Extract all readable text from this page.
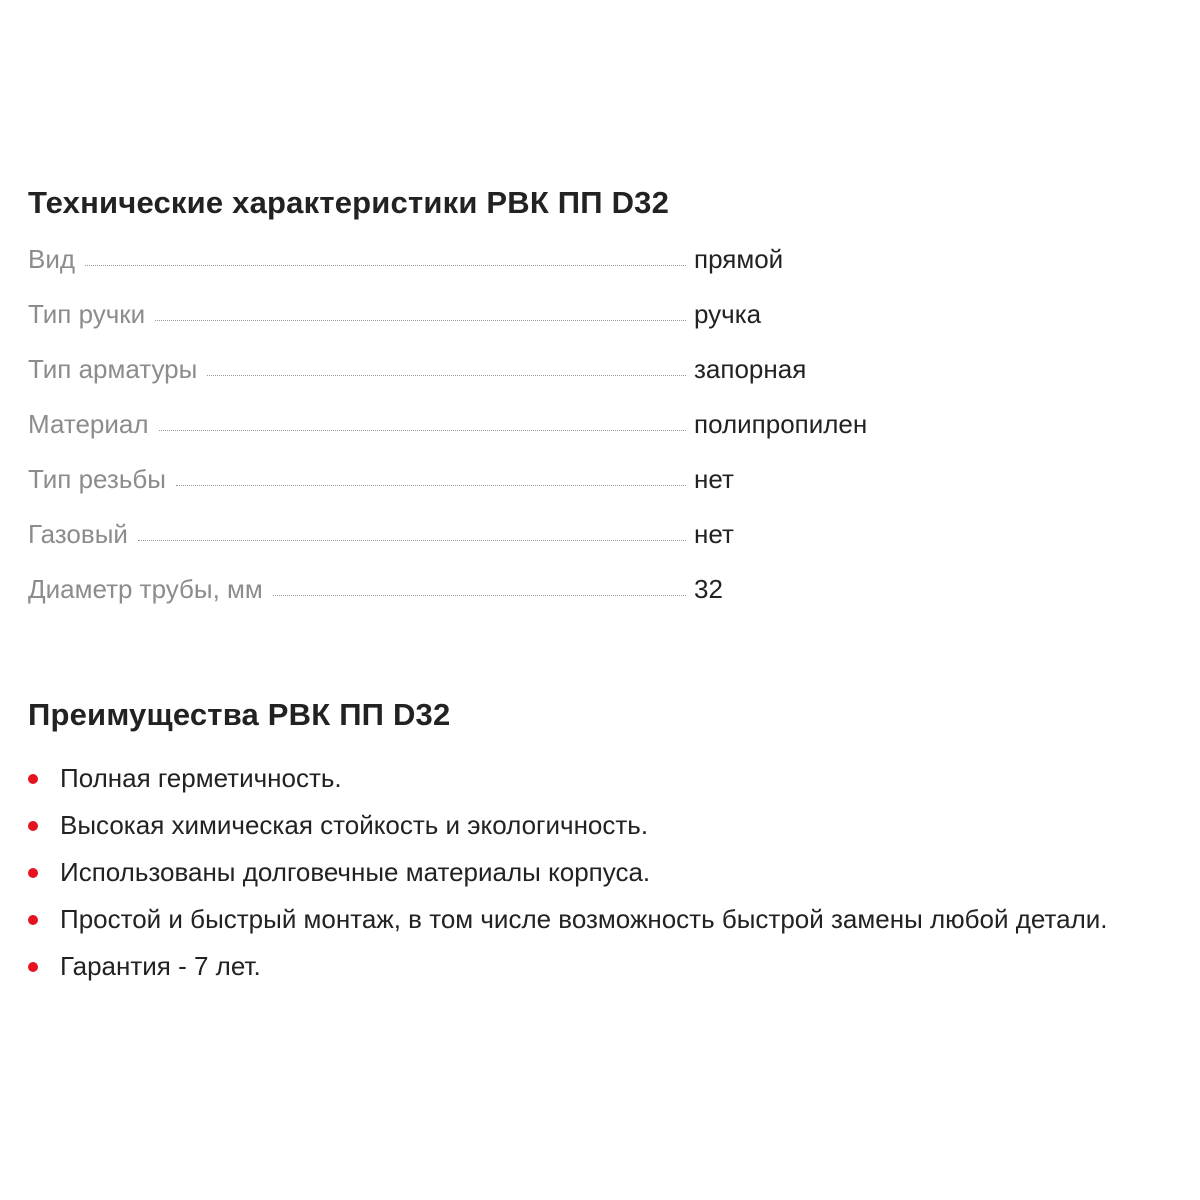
Технические характеристики РВК ПП D32
Вид	прямой
Тип ручки	ручка
Тип арматуры	запорная
Материал	полипропилен
Тип резьбы	нет
Газовый	нет
Диаметр трубы, мм	32
Преимущества РВК ПП D32
Полная герметичность.
Высокая химическая стойкость и экологичность.
Использованы долговечные материалы корпуса.
Простой и быстрый монтаж, в том числе возможность быстрой замены любой детали.
Гарантия - 7 лет.
